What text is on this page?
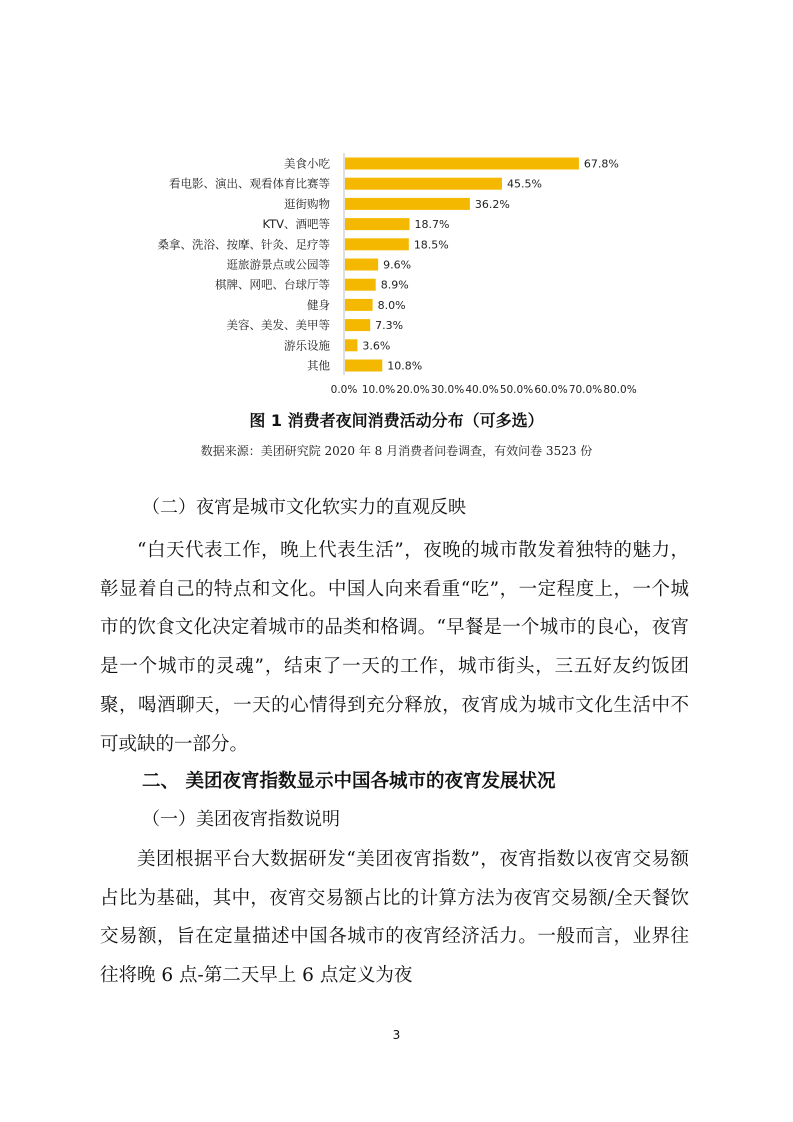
美食小吃	67.8%
看电影、演出、观看体育比赛等	45.5%
逛街购物	36.2%
KTV、酒吧等	18.7%
桑拿、洗浴、按摩、针灸、足疗等	18.5%
逛旅游景点或公园等	9.6%
棋牌、网吧、台球厅等	8.9%
健身	8.0%
美容、美发、美甲等	7.3%
游乐设施	3.6%
其他	10.8%
0.0% 10.0% 20.0% 30.0% 40.0% 50.0% 60.0% 70.0% 80.0%
图 1 消费者夜间消费活动分布（可多选）
数据来源：美团研究院 2020 年 8 月消费者问卷调查，有效问卷 3523 份
（二）夜宵是城市文化软实力的直观反映
“白天代表工作，晚上代表生活”，夜晚的城市散发着独特的魅力，彰显着自己的特点和文化。中国人向来看重“吃”，一定程度上，一个城市的饮食文化决定着城市的品类和格调。“早餐是一个城市的良心，夜宵是一个城市的灵魂”，结束了一天的工作，城市街头，三五好友约饭团聚，喝酒聊天，一天的心情得到充分释放，夜宵成为城市文化生活中不可或缺的一部分。
二、 美团夜宵指数显示中国各城市的夜宵发展状况
（一）美团夜宵指数说明
美团根据平台大数据研发“美团夜宵指数”，夜宵指数以夜宵交易额占比为基础，其中，夜宵交易额占比的计算方法为夜宵交易额/全天餐饮交易额，旨在定量描述中国各城市的夜宵经济活力。一般而言，业界往往将晚 6 点-第二天早上 6 点定义为夜
3
